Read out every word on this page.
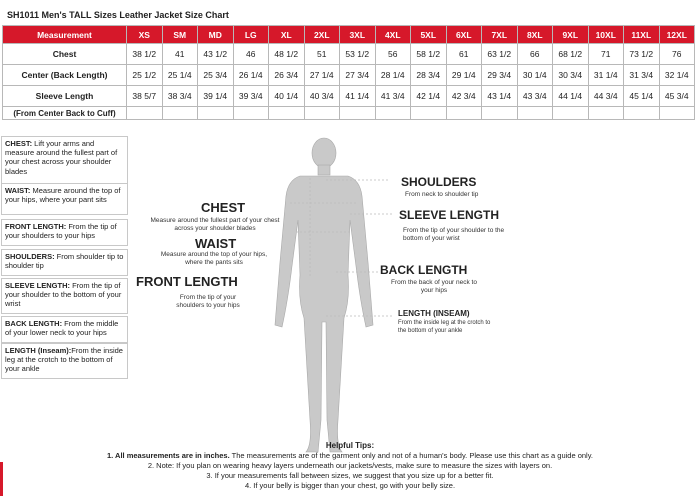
SH1011 Men's TALL Sizes Leather Jacket Size Chart
Measurement	XS	SM	MD	LG	XL	2XL	3XL	4XL	5XL	6XL	7XL	8XL	9XL	10XL	11XL	12XL
Chest	38 1/2	41	43 1/2	46	48 1/2	51	53 1/2	56	58 1/2	61	63 1/2	66	68 1/2	71	73 1/2	76
Center (Back Length)	25 1/2	25 1/4	25 3/4	26 1/4	26 3/4	27 1/4	27 3/4	28 1/4	28 3/4	29 1/4	29 3/4	30 1/4	30 3/4	31 1/4	31 3/4	32 1/4
Sleeve Length	38 5/7	38 3/4	39 1/4	39 3/4	40 1/4	40 3/4	41 1/4	41 3/4	42 1/4	42 3/4	43 1/4	43 3/4	44 1/4	44 3/4	45 1/4	45 3/4
(From Center Back to Cuff)																
CHEST: Lift your arms and measure around the fullest part of your chest across your shoulder blades
WAIST: Measure around the top of your hips, where your pant sits
FRONT LENGTH: From the tip of your shoulders to your hips
SHOULDERS: From shoulder tip to shoulder tip
SLEEVE LENGTH: From the tip of your shoulder to the bottom of your wrist
BACK LENGTH: From the middle of your lower neck to your hips
LENGTH (Inseam):From the inside leg at the crotch to the bottom of your ankle
CHEST
Measure around the fullest part of your chest across your shoulder blades
WAIST
Measure around the top of your hips, where the pants sits
FRONT LENGTH
From the tip of your shoulders to your hips
SHOULDERS
From neck to shoulder tip
SLEEVE LENGTH
From the tip of your shoulder to the bottom of your wrist
BACK LENGTH
From the back of your neck to your hips
LENGTH (INSEAM)
From the inside leg at the crotch to the bottom of your ankle
Helpful Tips:
1. All measurements are in inches. The measurements are of the garment only and not of a human's body. Please use this chart as a guide only.
2. Note: If you plan on wearing heavy layers underneath our jackets/vests, make sure to measure the sizes with layers on.
3. If your measurements fall between sizes, we suggest that you size up for a better fit.
4. If your belly is bigger than your chest, go with your belly size.
